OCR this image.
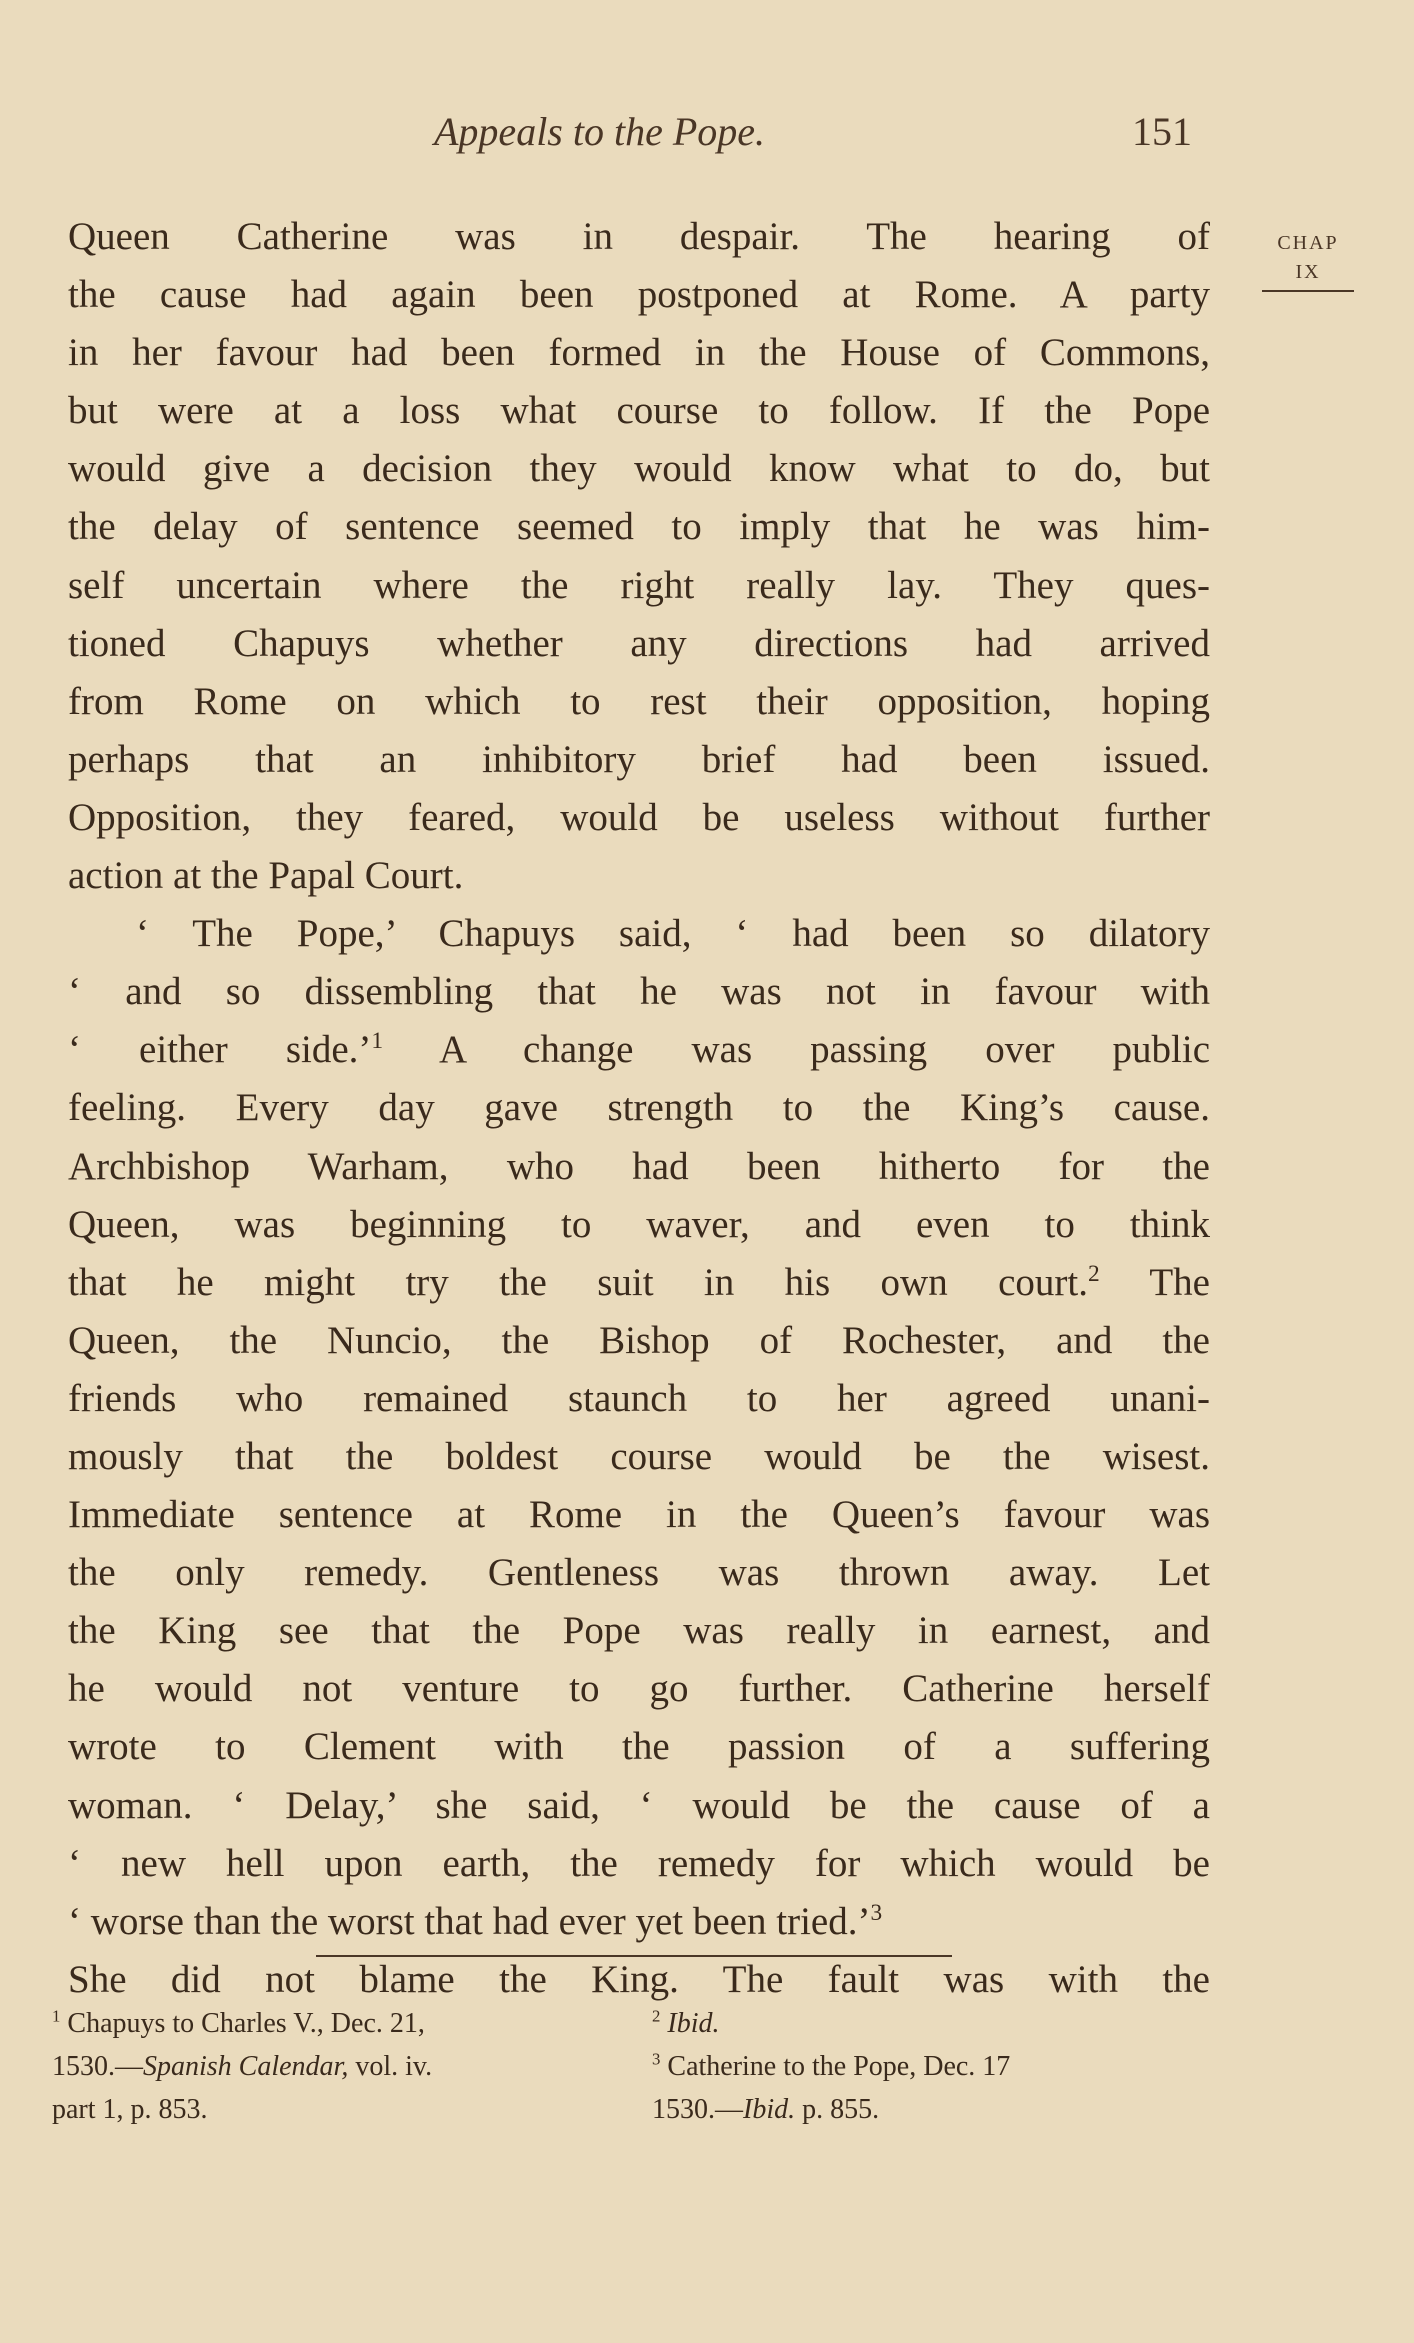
Appeals to the Pope.	151
CHAP
IX
Queen Catherine was in despair. The hearing of
the cause had again been postponed at Rome. A party
in her favour had been formed in the House of Commons,
but were at a loss what course to follow. If the Pope
would give a decision they would know what to do, but
the delay of sentence seemed to imply that he was him-
self uncertain where the right really lay. They ques-
tioned Chapuys whether any directions had arrived
from Rome on which to rest their opposition, hoping
perhaps that an inhibitory brief had been issued.
Opposition, they feared, would be useless without further
action at the Papal Court.
‘ The Pope,’ Chapuys said, ‘ had been so dilatory
‘ and so dissembling that he was not in favour with
‘ either side.’$^1$ A change was passing over public
feeling. Every day gave strength to the King’s cause.
Archbishop Warham, who had been hitherto for the
Queen, was beginning to waver, and even to think
that he might try the suit in his own court.$^2$ The
Queen, the Nuncio, the Bishop of Rochester, and the
friends who remained staunch to her agreed unani-
mously that the boldest course would be the wisest.
Immediate sentence at Rome in the Queen’s favour was
the only remedy. Gentleness was thrown away. Let
the King see that the Pope was really in earnest, and
he would not venture to go further. Catherine herself
wrote to Clement with the passion of a suffering
woman. ‘ Delay,’ she said, ‘ would be the cause of a
‘ new hell upon earth, the remedy for which would be
‘ worse than the worst that had ever yet been tried.’$^3$
She did not blame the King. The fault was with the
$^1$ Chapuys to Charles V., Dec. 21,
1530.—Spanish Calendar, vol. iv.
part 1, p. 853.
$^2$ Ibid.
$^3$ Catherine to the Pope, Dec. 17
1530.—Ibid. p. 855.
